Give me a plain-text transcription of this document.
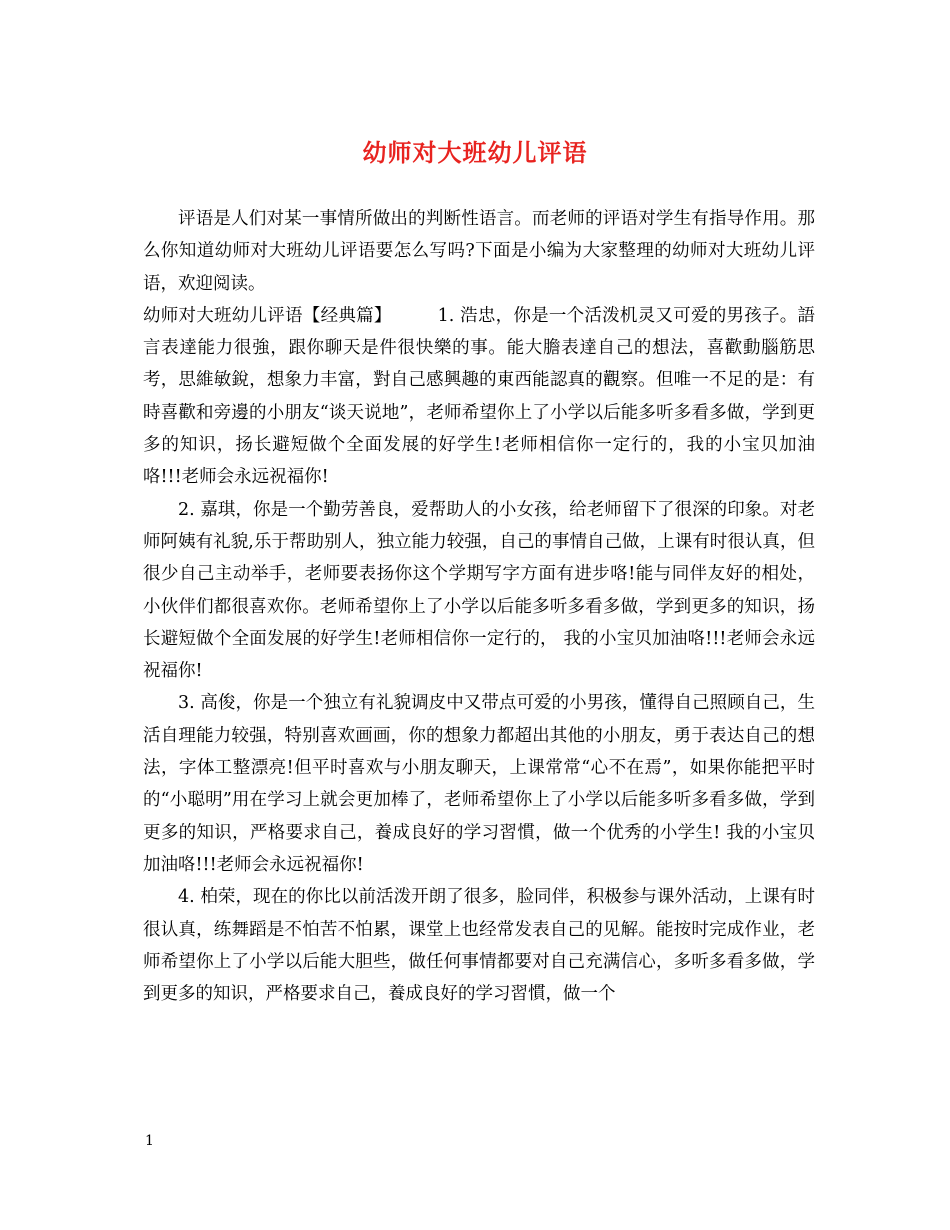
幼师对大班幼儿评语

评语是人们对某一事情所做出的判断性语言。而老师的评语对学生有指导作用。那么你知道幼师对大班幼儿评语要怎么写吗?下面是小编为大家整理的幼师对大班幼儿评语，欢迎阅读。

幼师对大班幼儿评语【经典篇】	1. 浩忠，你是一个活泼机灵又可爱的男孩子。語言表達能力很強，跟你聊天是件很快樂的事。能大膽表達自己的想法，喜歡動腦筋思考，思維敏銳，想象力丰富，對自己感興趣的東西能認真的觀察。但唯一不足的是：有時喜歡和旁邊的小朋友“谈天说地”，老师希望你上了小学以后能多听多看多做，学到更多的知识，扬长避短做个全面发展的好学生!老师相信你一定行的，我的小宝贝加油咯!!!老师会永远祝福你!

2. 嘉琪，你是一个勤劳善良，爱帮助人的小女孩，给老师留下了很深的印象。对老师阿姨有礼貌,乐于帮助别人，独立能力较强，自己的事情自己做，上课有时很认真，但很少自己主动举手，老师要表扬你这个学期写字方面有进步咯!能与同伴友好的相处，小伙伴们都很喜欢你。老师希望你上了小学以后能多听多看多做，学到更多的知识，扬长避短做个全面发展的好学生!老师相信你一定行的， 我的小宝贝加油咯!!!老师会永远祝福你!

3. 高俊，你是一个独立有礼貌调皮中又带点可爱的小男孩，懂得自己照顾自己，生活自理能力较强，特别喜欢画画，你的想象力都超出其他的小朋友，勇于表达自己的想法，字体工整漂亮!但平时喜欢与小朋友聊天，上课常常“心不在焉”，如果你能把平时的“小聪明”用在学习上就会更加棒了，老师希望你上了小学以后能多听多看多做，学到更多的知识，严格要求自己，養成良好的学习習慣，做一个优秀的小学生! 我的小宝贝加油咯!!!老师会永远祝福你!

4. 柏荣，现在的你比以前活泼开朗了很多，脸同伴，积极参与课外活动，上课有时很认真，练舞蹈是不怕苦不怕累，课堂上也经常发表自己的见解。能按时完成作业，老师希望你上了小学以后能大胆些，做任何事情都要对自己充满信心，多听多看多做，学到更多的知识，严格要求自己，養成良好的学习習慣，做一个

1
